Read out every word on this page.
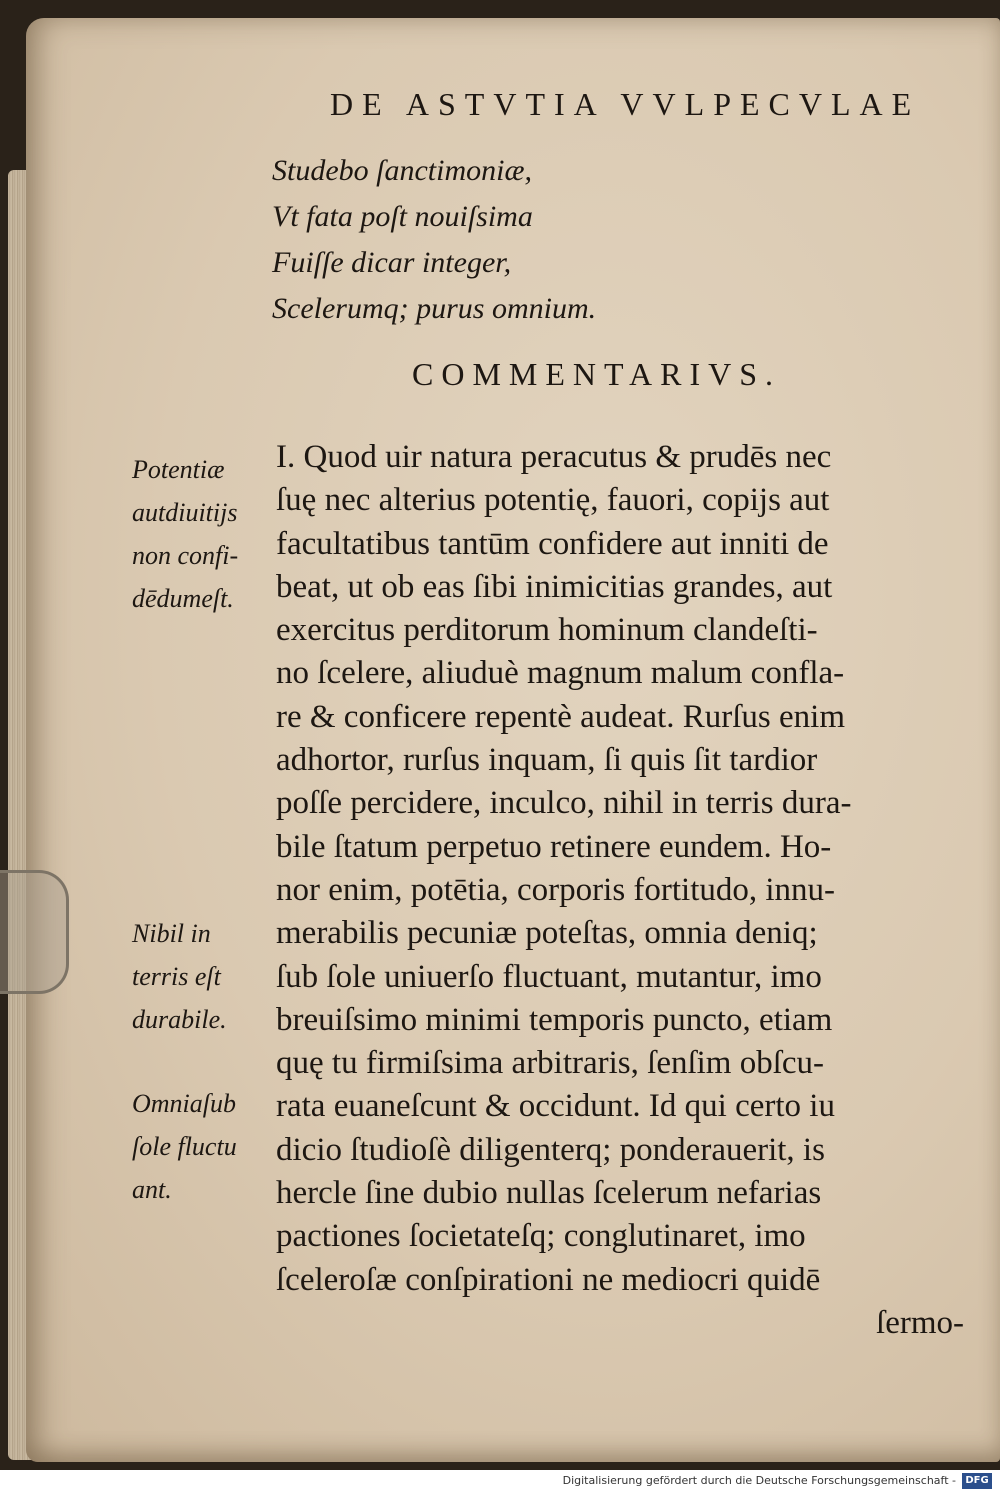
DE ASTVTIA VVLPECVLAE
Studebo ſanctimoniæ,
Vt fata poſt nouiſsima
Fuiſſe dicar integer,
Scelerumq; purus omnium.
COMMENTARIVS.
Potentiæ
autdiuitijs
non confi-
dēdumeſt.
Nibil in
terris eſt
durabile.
Omniaſub
ſole fluctu
ant.
I. Quod uir natura peracutus & prudēs nec
ſuę nec alterius potentię, fauori, copijs aut
facultatibus tantūm confidere aut inniti de
beat, ut ob eas ſibi inimicitias grandes, aut
exercitus perditorum hominum clandeſti-
no ſcelere, aliuduè magnum malum confla-
re & conficere repentè audeat. Rurſus enim
adhortor, rurſus inquam, ſi quis ſit tardior
poſſe percidere, inculco, nihil in terris dura-
bile ſtatum perpetuo retinere eundem. Ho-
nor enim, potētia, corporis fortitudo, innu-
merabilis pecuniæ poteſtas, omnia deniq;
ſub ſole uniuerſo fluctuant, mutantur, imo
breuiſsimo minimi temporis puncto, etiam
quę tu firmiſsima arbitraris, ſenſim obſcu-
rata euaneſcunt & occidunt. Id qui certo iu
dicio ſtudioſè diligenterq; ponderauerit, is
hercle ſine dubio nullas ſcelerum nefarias
pactiones ſocietateſq; conglutinaret, imo
ſceleroſæ conſpirationi ne mediocri quidē
ſermo-
Digitalisierung gefördert durch die Deutsche Forschungsgemeinschaft - DFG
